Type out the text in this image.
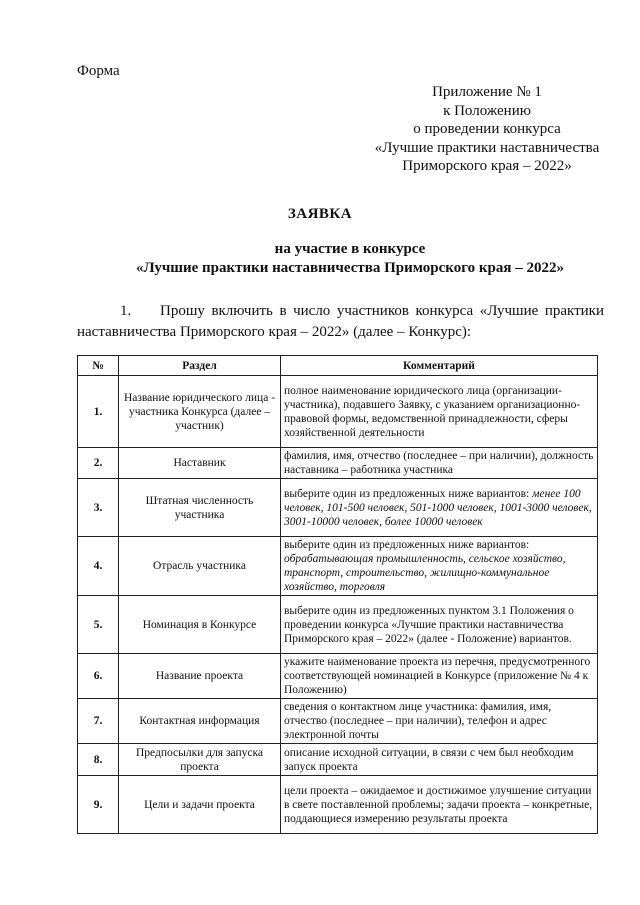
Форма
Приложение № 1
к Положению
о проведении конкурса
«Лучшие практики наставничества
Приморского края – 2022»
ЗАЯВКА
на участие в конкурсе
«Лучшие практики наставничества Приморского края – 2022»
1. Прошу включить в число участников конкурса «Лучшие практики наставничества Приморского края – 2022» (далее – Конкурс):
№	Раздел	Комментарий
1.	Название юридического лица - участника Конкурса (далее – участник)	полное наименование юридического лица (организации-участника), подавшего Заявку, с указанием организационно-правовой формы, ведомственной принадлежности, сферы хозяйственной деятельности
2.	Наставник	фамилия, имя, отчество (последнее – при наличии), должность наставника – работника участника
3.	Штатная численность участника	выберите один из предложенных ниже вариантов: менее 100 человек, 101-500 человек, 501-1000 человек, 1001-3000 человек, 3001-10000 человек, более 10000 человек
4.	Отрасль участника	выберите один из предложенных ниже вариантов: обрабатывающая промышленность, сельское хозяйство, транспорт, строительство, жилищно-коммунальное хозяйство, торговля
5.	Номинация в Конкурсе	выберите один из предложенных пунктом 3.1 Положения о проведении конкурса «Лучшие практики наставничества Приморского края – 2022» (далее - Положение) вариантов.
6.	Название проекта	укажите наименование проекта из перечня, предусмотренного соответствующей номинацией в Конкурсе (приложение № 4 к Положению)
7.	Контактная информация	сведения о контактном лице участника: фамилия, имя, отчество (последнее – при наличии), телефон и адрес электронной почты
8.	Предпосылки для запуска проекта	описание исходной ситуации, в связи с чем был необходим запуск проекта
9.	Цели и задачи проекта	цели проекта – ожидаемое и достижимое улучшение ситуации в свете поставленной проблемы; задачи проекта – конкретные, поддающиеся измерению результаты проекта
